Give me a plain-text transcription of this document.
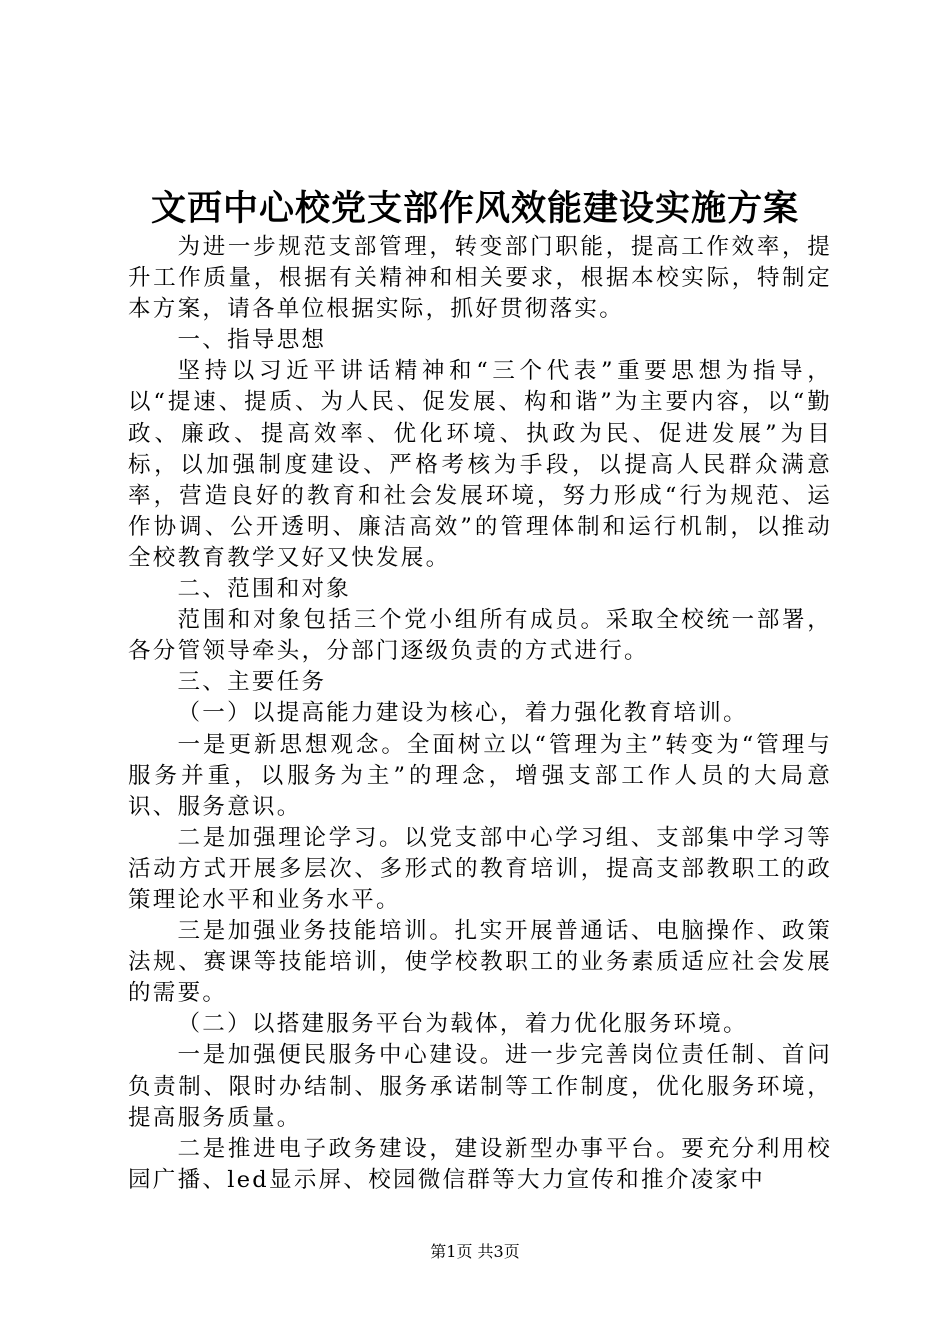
文西中心校党支部作风效能建设实施方案

为进一步规范支部管理，转变部门职能，提高工作效率，提升工作质量，根据有关精神和相关要求，根据本校实际，特制定本方案，请各单位根据实际，抓好贯彻落实。

一、指导思想

坚持以习近平讲话精神和“三个代表”重要思想为指导，以“提速、提质、为人民、促发展、构和谐”为主要内容，以“勤政、廉政、提高效率、优化环境、执政为民、促进发展”为目标，以加强制度建设、严格考核为手段，以提高人民群众满意率，营造良好的教育和社会发展环境，努力形成“行为规范、运作协调、公开透明、廉洁高效”的管理体制和运行机制，以推动全校教育教学又好又快发展。

二、范围和对象

范围和对象包括三个党小组所有成员。采取全校统一部署，各分管领导牵头，分部门逐级负责的方式进行。

三、主要任务

（一）以提高能力建设为核心，着力强化教育培训。

一是更新思想观念。全面树立以“管理为主”转变为“管理与服务并重，以服务为主”的理念，增强支部工作人员的大局意识、服务意识。

二是加强理论学习。以党支部中心学习组、支部集中学习等活动方式开展多层次、多形式的教育培训，提高支部教职工的政策理论水平和业务水平。

三是加强业务技能培训。扎实开展普通话、电脑操作、政策法规、赛课等技能培训，使学校教职工的业务素质适应社会发展的需要。

（二）以搭建服务平台为载体，着力优化服务环境。

一是加强便民服务中心建设。进一步完善岗位责任制、首问负责制、限时办结制、服务承诺制等工作制度，优化服务环境，提高服务质量。

二是推进电子政务建设，建设新型办事平台。要充分利用校园广播、led显示屏、校园微信群等大力宣传和推介凌家中

第1页 共3页
